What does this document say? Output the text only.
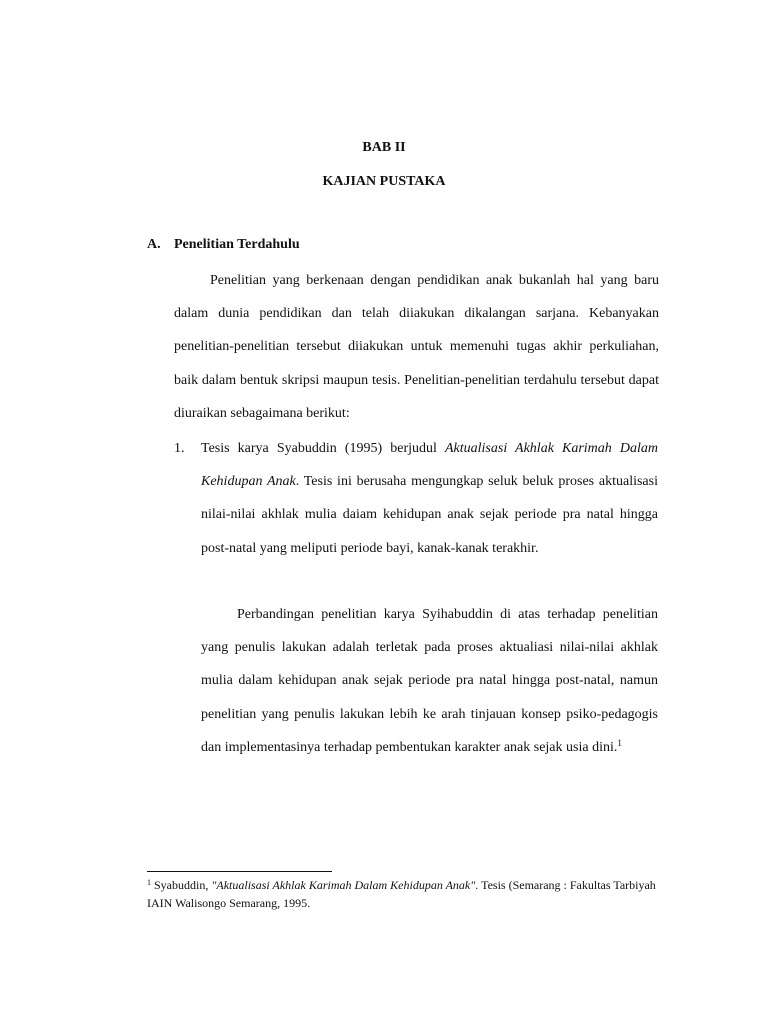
BAB II
KAJIAN PUSTAKA
A. Penelitian Terdahulu

Penelitian yang berkenaan dengan pendidikan anak bukanlah hal yang baru dalam dunia pendidikan dan telah diiakukan dikalangan sarjana. Kebanyakan penelitian-penelitian tersebut diiakukan untuk memenuhi tugas akhir perkuliahan, baik dalam bentuk skripsi maupun tesis. Penelitian-penelitian terdahulu tersebut dapat diuraikan sebagaimana berikut:

1. Tesis karya Syabuddin (1995) berjudul Aktualisasi Akhlak Karimah Dalam Kehidupan Anak. Tesis ini berusaha mengungkap seluk beluk proses aktualisasi nilai-nilai akhlak mulia daiam kehidupan anak sejak periode pra natal hingga post-natal yang meliputi periode bayi, kanak-kanak terakhir.

Perbandingan penelitian karya Syihabuddin di atas terhadap penelitian yang penulis lakukan adalah terletak pada proses aktualiasi nilai-nilai akhlak mulia dalam kehidupan anak sejak periode pra natal hingga post-natal, namun penelitian yang penulis lakukan lebih ke arah tinjauan konsep psiko-pedagogis dan implementasinya terhadap pembentukan karakter anak sejak usia dini.$^1$

$^1$ Syabuddin, "Aktualisasi Akhlak Karimah Dalam Kehidupan Anak". Tesis (Semarang : Fakultas Tarbiyah IAIN Walisongo Semarang, 1995.
